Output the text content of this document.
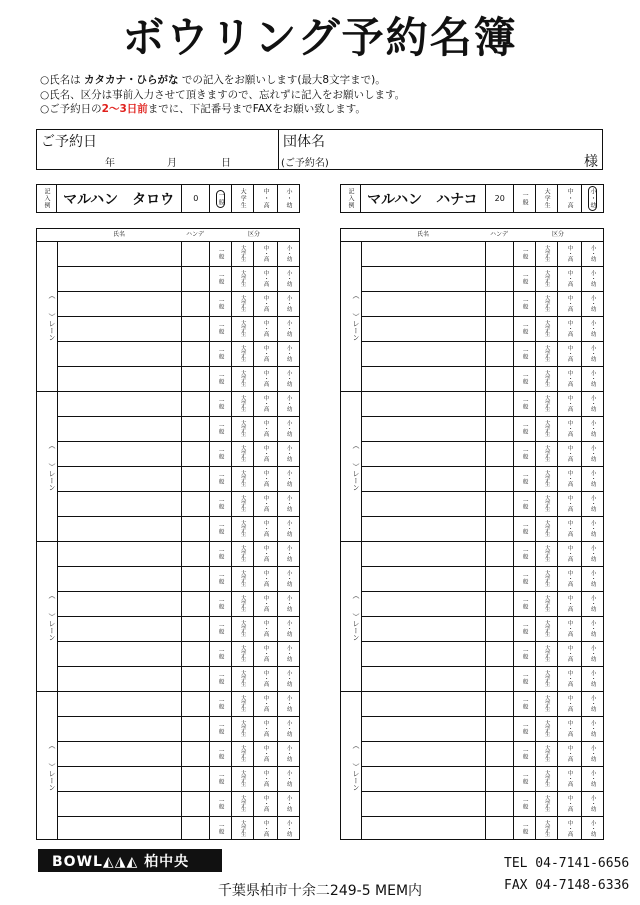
ボウリング予約名簿
○氏名は カタカナ・ひらがな での記入をお願いします(最大8文字まで)。
○氏名、区分は事前入力させて頂きますので、忘れずに記入をお願いします。
○ご予約日の2～3日前までに、下記番号までFAXをお願い致します。
ご予約日
年	月	日
団体名
(ご予約名)	様
記入例 マルハン　タロウ	0	一般	大学生	中・高	小・幼	記入例 マルハン　ハナコ	20	一般	大学生	中・高	小・幼
氏名	ハンデ	区分
（　　）レーン
一般	大学生	中・高	小・幼
一般	大学生	中・高	小・幼
一般	大学生	中・高	小・幼
一般	大学生	中・高	小・幼
一般	大学生	中・高	小・幼
一般	大学生	中・高	小・幼
（　　）レーン
一般	大学生	中・高	小・幼
一般	大学生	中・高	小・幼
一般	大学生	中・高	小・幼
一般	大学生	中・高	小・幼
一般	大学生	中・高	小・幼
一般	大学生	中・高	小・幼
（　　）レーン
一般	大学生	中・高	小・幼
一般	大学生	中・高	小・幼
一般	大学生	中・高	小・幼
一般	大学生	中・高	小・幼
一般	大学生	中・高	小・幼
一般	大学生	中・高	小・幼
（　　）レーン
一般	大学生	中・高	小・幼
一般	大学生	中・高	小・幼
一般	大学生	中・高	小・幼
一般	大学生	中・高	小・幼
一般	大学生	中・高	小・幼
一般	大学生	中・高	小・幼
氏名	ハンデ	区分
（　　）レーン
一般	大学生	中・高	小・幼
一般	大学生	中・高	小・幼
一般	大学生	中・高	小・幼
一般	大学生	中・高	小・幼
一般	大学生	中・高	小・幼
一般	大学生	中・高	小・幼
（　　）レーン
一般	大学生	中・高	小・幼
一般	大学生	中・高	小・幼
一般	大学生	中・高	小・幼
一般	大学生	中・高	小・幼
一般	大学生	中・高	小・幼
一般	大学生	中・高	小・幼
（　　）レーン
一般	大学生	中・高	小・幼
一般	大学生	中・高	小・幼
一般	大学生	中・高	小・幼
一般	大学生	中・高	小・幼
一般	大学生	中・高	小・幼
一般	大学生	中・高	小・幼
（　　）レーン
一般	大学生	中・高	小・幼
一般	大学生	中・高	小・幼
一般	大学生	中・高	小・幼
一般	大学生	中・高	小・幼
一般	大学生	中・高	小・幼
一般	大学生	中・高	小・幼
BOWL◭◮◭ 柏中央	TEL 04-7141-6656
FAX 04-7148-6336
千葉県柏市十余二249-5 MEM内
